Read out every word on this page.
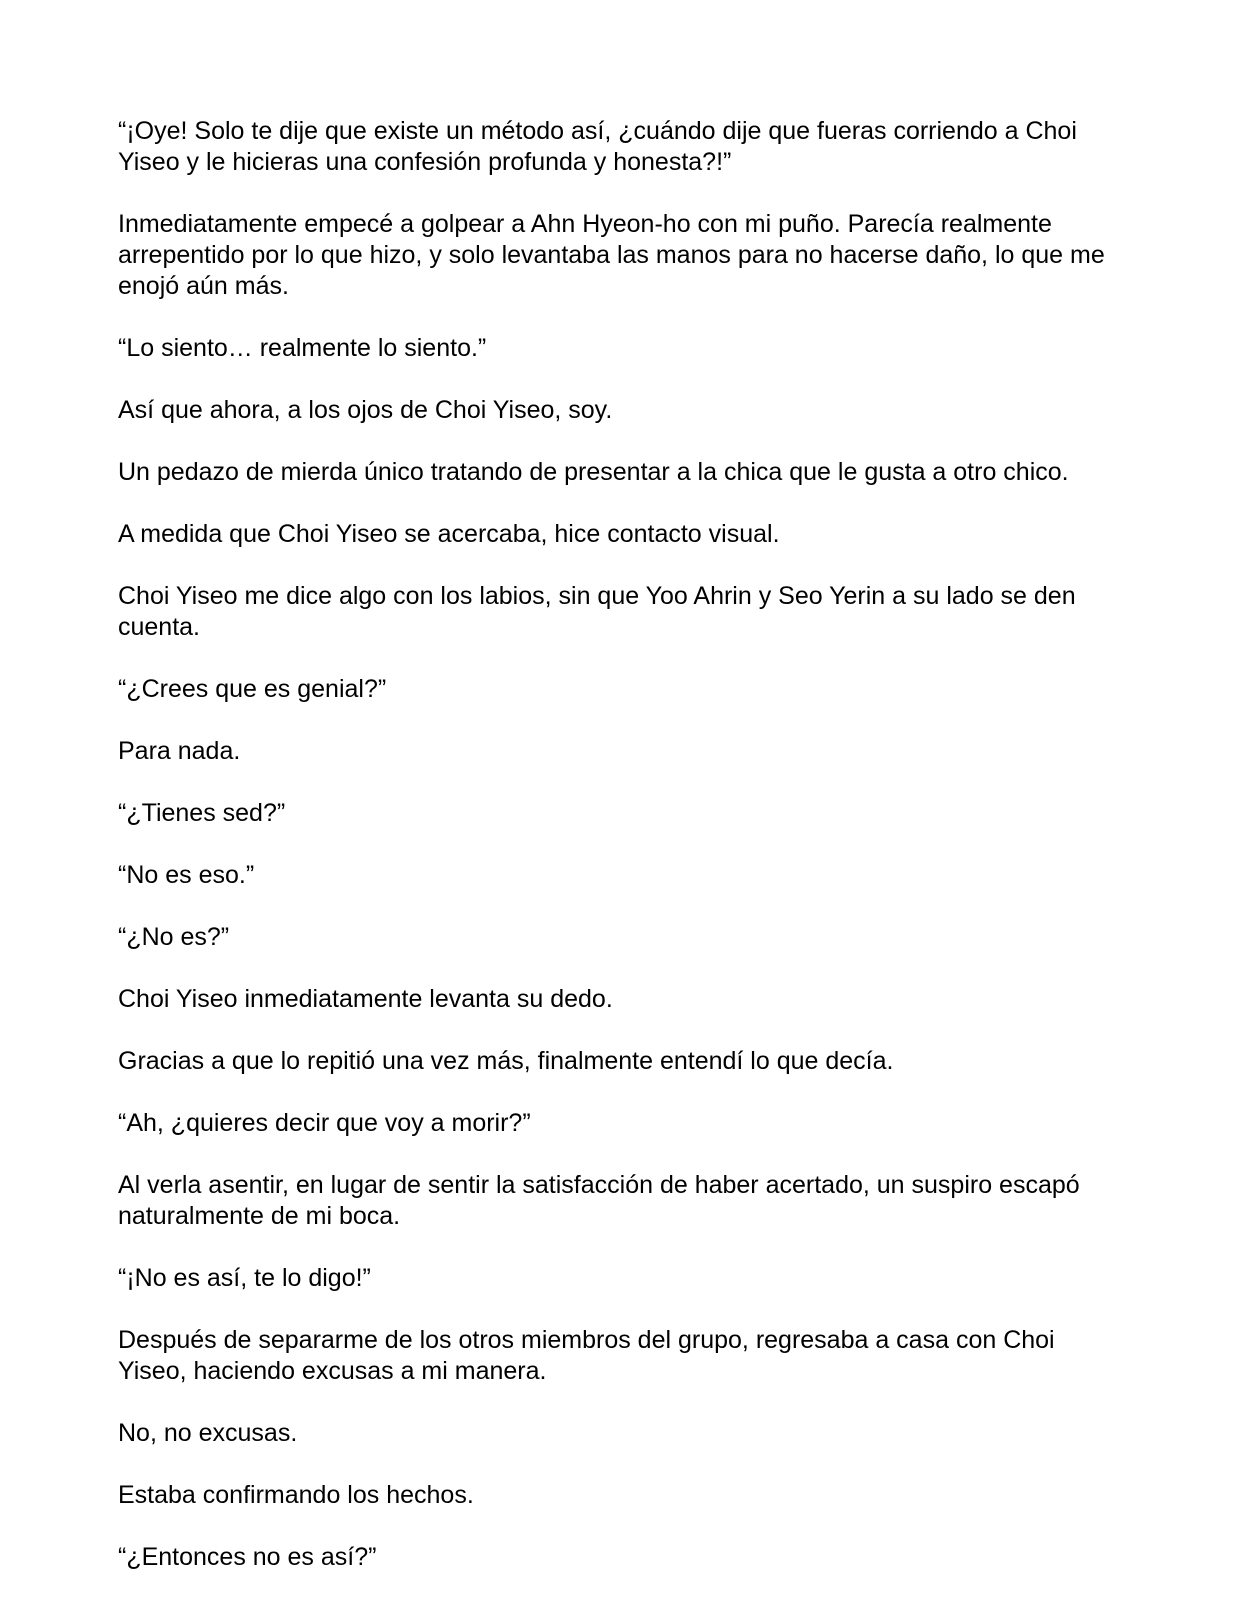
“¡Oye! Solo te dije que existe un método así, ¿cuándo dije que fueras corriendo a Choi Yiseo y le hicieras una confesión profunda y honesta?!”

Inmediatamente empecé a golpear a Ahn Hyeon-ho con mi puño. Parecía realmente arrepentido por lo que hizo, y solo levantaba las manos para no hacerse daño, lo que me enojó aún más.

“Lo siento… realmente lo siento.”

Así que ahora, a los ojos de Choi Yiseo, soy.

Un pedazo de mierda único tratando de presentar a la chica que le gusta a otro chico.

A medida que Choi Yiseo se acercaba, hice contacto visual.

Choi Yiseo me dice algo con los labios, sin que Yoo Ahrin y Seo Yerin a su lado se den cuenta.

“¿Crees que es genial?”

Para nada.

“¿Tienes sed?”

“No es eso.”

“¿No es?”

Choi Yiseo inmediatamente levanta su dedo.

Gracias a que lo repitió una vez más, finalmente entendí lo que decía.

“Ah, ¿quieres decir que voy a morir?”

Al verla asentir, en lugar de sentir la satisfacción de haber acertado, un suspiro escapó naturalmente de mi boca.

“¡No es así, te lo digo!”

Después de separarme de los otros miembros del grupo, regresaba a casa con Choi Yiseo, haciendo excusas a mi manera.

No, no excusas.

Estaba confirmando los hechos.

“¿Entonces no es así?”
